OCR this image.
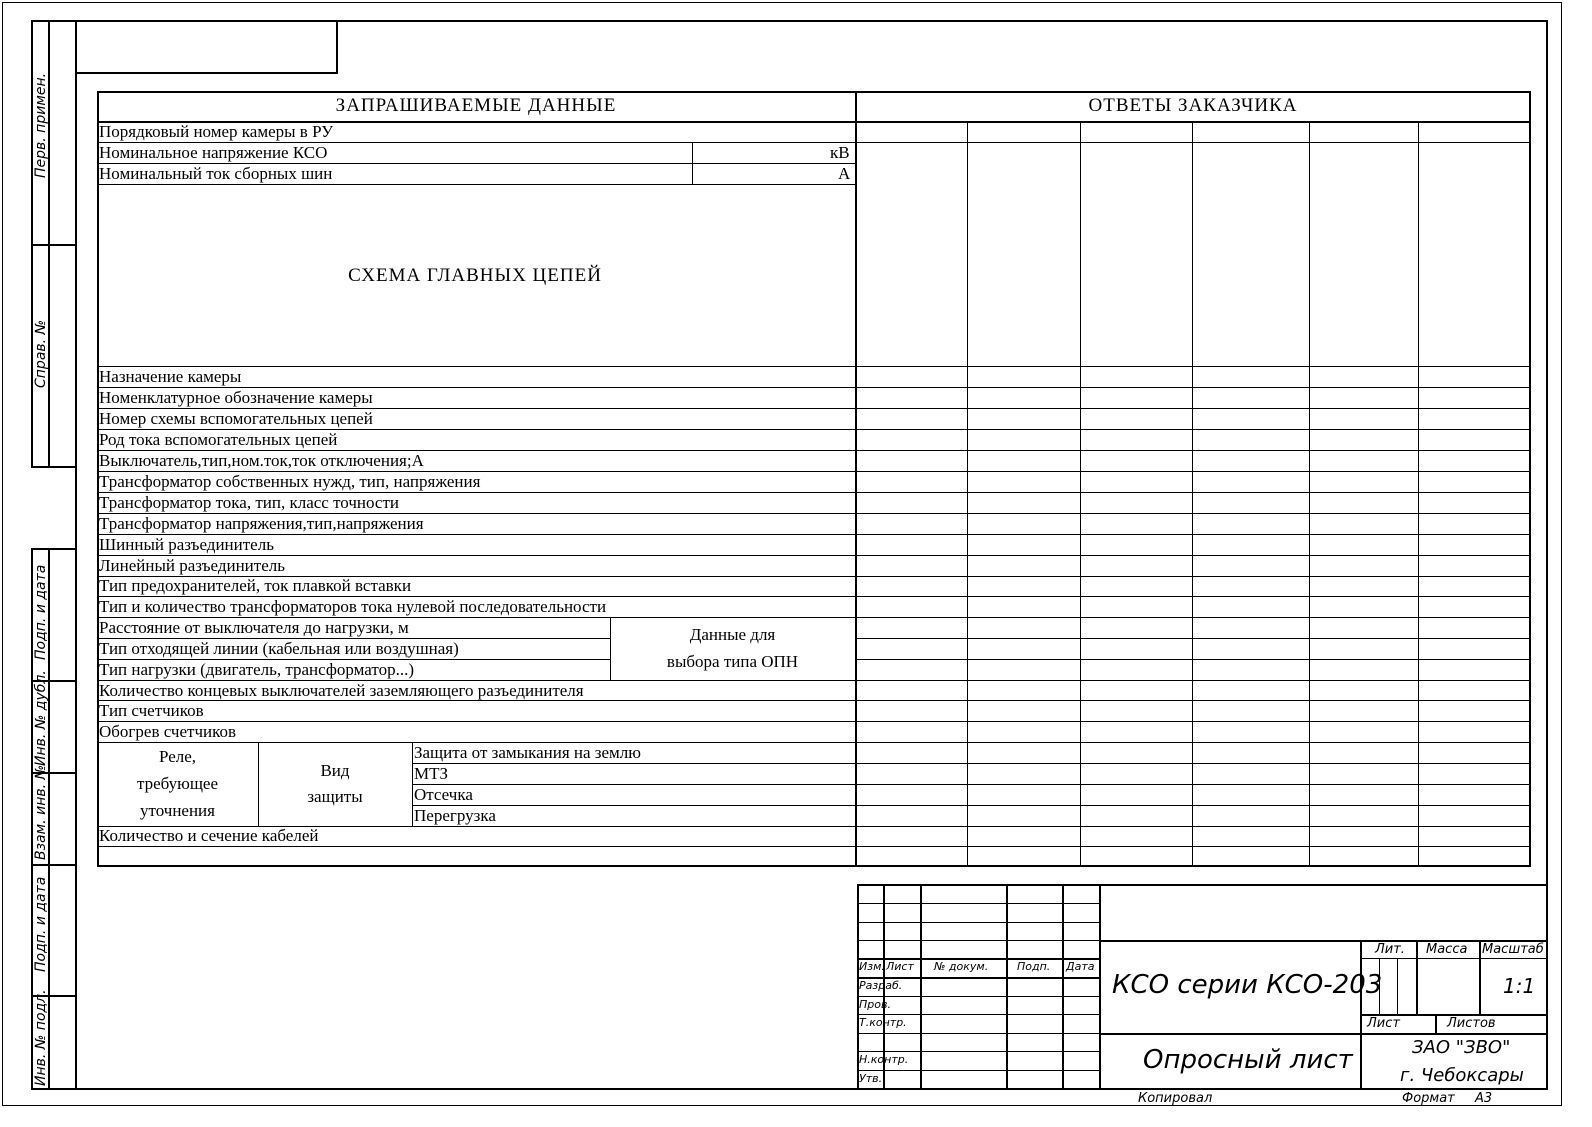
Перв. примен.
Справ. №
Подп. и дата
Инв. № дубл.
Взам. инв. №
Подп. и дата
Инв. № подл.
ЗАПРАШИВАЕМЫЕ ДАННЫЕ	ОТВЕТЫ ЗАКАЗЧИКА
Порядковый номер камеры в РУ
Номинальное напряжение КСО	кВ
Номинальный ток сборных шин	А
СХЕМА ГЛАВНЫХ ЦЕПЕЙ
Назначение камеры
Номенклатурное обозначение камеры
Номер схемы вспомогательных цепей
Род тока вспомогательных цепей
Выключатель,тип,ном.ток,ток отключения;А
Трансформатор собственных нужд, тип, напряжения
Трансформатор тока, тип, класс точности
Трансформатор напряжения,тип,напряжения
Шинный разъединитель
Линейный разъединитель
Тип предохранителей, ток плавкой вставки
Тип и количество трансформаторов тока нулевой последовательности
Расстояние от выключателя до нагрузки, м
Тип отходящей линии (кабельная или воздушная)
Тип нагрузки (двигатель, трансформатор...)
Данные для
выбора типа ОПН
Количество концевых выключателей заземляющего разъединителя
Тип счетчиков
Обогрев счетчиков
Реле,
требующее
уточнения
Вид
защиты
Защита от замыкания на землю
МТЗ
Отсечка
Перегрузка
Количество и сечение кабелей
Изм. Лист № докум.	Подп. Дата
Разраб.
Пров.
Т.контр.
Н.контр.
Утв.
КСО серии КСО-203
Опросный лист
Лит. Масса Масштаб
1:1
Лист	Листов
ЗАО "ЗВО"
г. Чебоксары
Копировал	Формат А3
